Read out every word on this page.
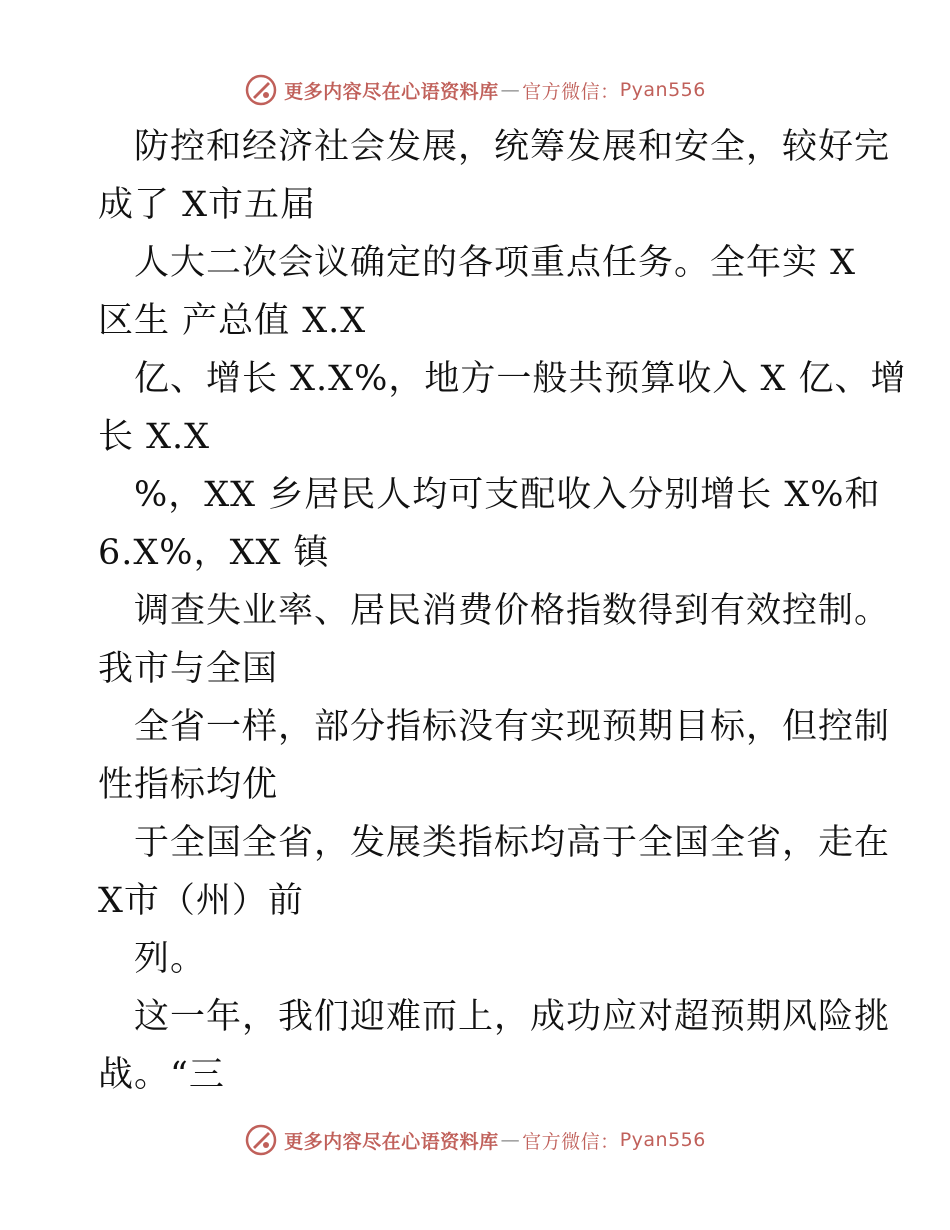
更多内容尽在心语资料库 — 官方微信： Pyan556
防控和经济社会发展，统筹发展和安全，较好完
成了 X市五届
人大二次会议确定的各项重点任务。全年实 X
区生 产总值 X.X
亿、增长 X.X%，地方一般共预算收入 X 亿、增
长 X.X
%，XX 乡居民人均可支配收入分别增长 X%和
6.X%，XX 镇
调查失业率、居民消费价格指数得到有效控制。
我市与全国
全省一样，部分指标没有实现预期目标，但控制
性指标均优
于全国全省，发展类指标均高于全国全省，走在
X市（州）前
列。
这一年，我们迎难而上，成功应对超预期风险挑
战。“三
更多内容尽在心语资料库 — 官方微信： Pyan556
